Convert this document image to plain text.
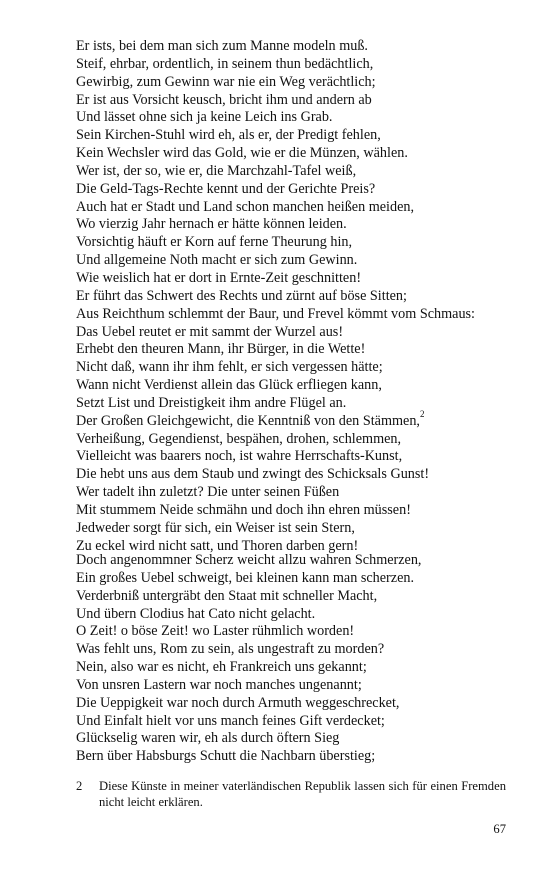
Er ists, bei dem man sich zum Manne modeln muß.
Steif, ehrbar, ordentlich, in seinem thun bedächtlich,
Gewirbig, zum Gewinn war nie ein Weg verächtlich;
Er ist aus Vorsicht keusch, bricht ihm und andern ab
Und lässet ohne sich ja keine Leich ins Grab.
Sein Kirchen-Stuhl wird eh, als er, der Predigt fehlen,
Kein Wechsler wird das Gold, wie er die Münzen, wählen.
Wer ist, der so, wie er, die Marchzahl-Tafel weiß,
Die Geld-Tags-Rechte kennt und der Gerichte Preis?
Auch hat er Stadt und Land schon manchen heißen meiden,
Wo vierzig Jahr hernach er hätte können leiden.
Vorsichtig häuft er Korn auf ferne Theurung hin,
Und allgemeine Noth macht er sich zum Gewinn.
Wie weislich hat er dort in Ernte-Zeit geschnitten!
Er führt das Schwert des Rechts und zürnt auf böse Sitten;
Aus Reichthum schlemmt der Baur, und Frevel kömmt vom Schmaus:
Das Uebel reutet er mit sammt der Wurzel aus!
Erhebt den theuren Mann, ihr Bürger, in die Wette!
Nicht daß, wann ihr ihm fehlt, er sich vergessen hätte;
Wann nicht Verdienst allein das Glück erfliegen kann,
Setzt List und Dreistigkeit ihm andre Flügel an.
Der Großen Gleichgewicht, die Kenntniß von den Stämmen,$^2$
Verheißung, Gegendienst, bespähen, drohen, schlemmen,
Vielleicht was baarers noch, ist wahre Herrschafts-Kunst,
Die hebt uns aus dem Staub und zwingt des Schicksals Gunst!
Wer tadelt ihn zuletzt? Die unter seinen Füßen
Mit stummem Neide schmähn und doch ihn ehren müssen!
Jedweder sorgt für sich, ein Weiser ist sein Stern,
Zu eckel wird nicht satt, und Thoren darben gern!
Doch angenommner Scherz weicht allzu wahren Schmerzen,
Ein großes Uebel schweigt, bei kleinen kann man scherzen.
Verderbniß untergräbt den Staat mit schneller Macht,
Und übern Clodius hat Cato nicht gelacht.
O Zeit! o böse Zeit! wo Laster rühmlich worden!
Was fehlt uns, Rom zu sein, als ungestraft zu morden?
Nein, also war es nicht, eh Frankreich uns gekannt;
Von unsren Lastern war noch manches ungenannt;
Die Ueppigkeit war noch durch Armuth weggeschrecket,
Und Einfalt hielt vor uns manch feines Gift verdecket;
Glückselig waren wir, eh als durch öftern Sieg
Bern über Habsburgs Schutt die Nachbarn überstieg;
2 Diese Künste in meiner vaterländischen Republik lassen sich für einen Fremden nicht leicht erklären.
67
